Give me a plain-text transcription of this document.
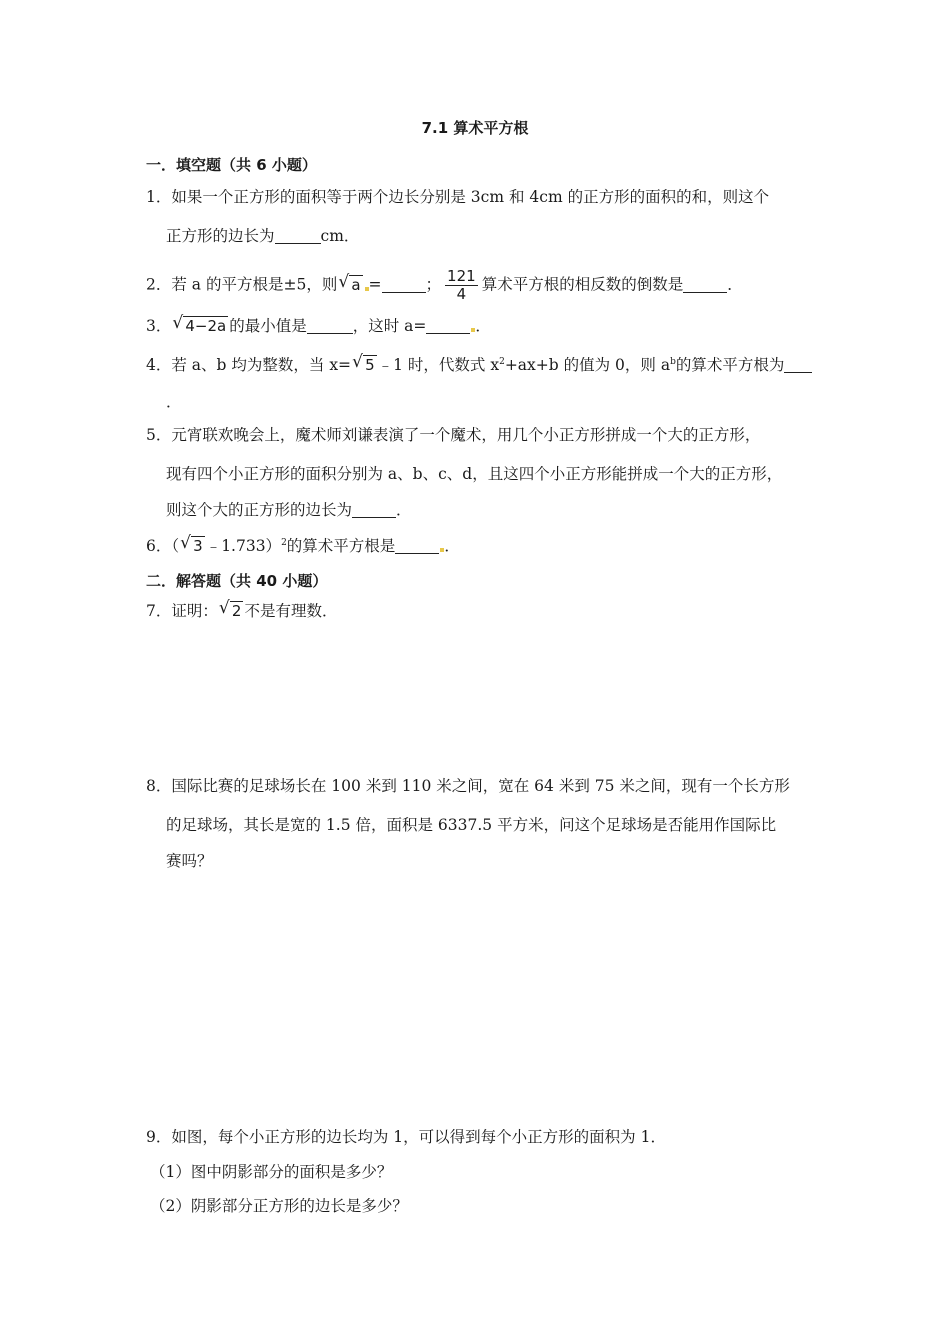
7.1 算术平方根
一．填空题（共 6 小题）
1．如果一个正方形的面积等于两个边长分别是 3cm 和 4cm 的正方形的面积的和，则这个
正方形的边长为	cm．
2．若 a 的平方根是±5，则 √ a =	； $\frac{121}{4}$ 算术平方根的相反数的倒数是	．
3． √ 4−2a 的最小值是	，这时 a=	．
4．若 a、b 均为整数，当 x= √ 5 ﹣1 时，代数式 $x^2+ax+b$ 的值为 0，则 $a^b$的算术平方根为
．
5．元宵联欢晚会上，魔术师刘谦表演了一个魔术，用几个小正方形拼成一个大的正方形，
现有四个小正方形的面积分别为 a、b、c、d，且这四个小正方形能拼成一个大的正方形，
则这个大的正方形的边长为	．
6．（ √ 3 ﹣1.733）$^2$的算术平方根是	．
二．解答题（共 40 小题）
7．证明： √ 2 不是有理数．
8．国际比赛的足球场长在 100 米到 110 米之间，宽在 64 米到 75 米之间，现有一个长方形
的足球场，其长是宽的 1.5 倍，面积是 6337.5 平方米，问这个足球场是否能用作国际比
赛吗？
9．如图，每个小正方形的边长均为 1，可以得到每个小正方形的面积为 1．
（1）图中阴影部分的面积是多少？
（2）阴影部分正方形的边长是多少？
